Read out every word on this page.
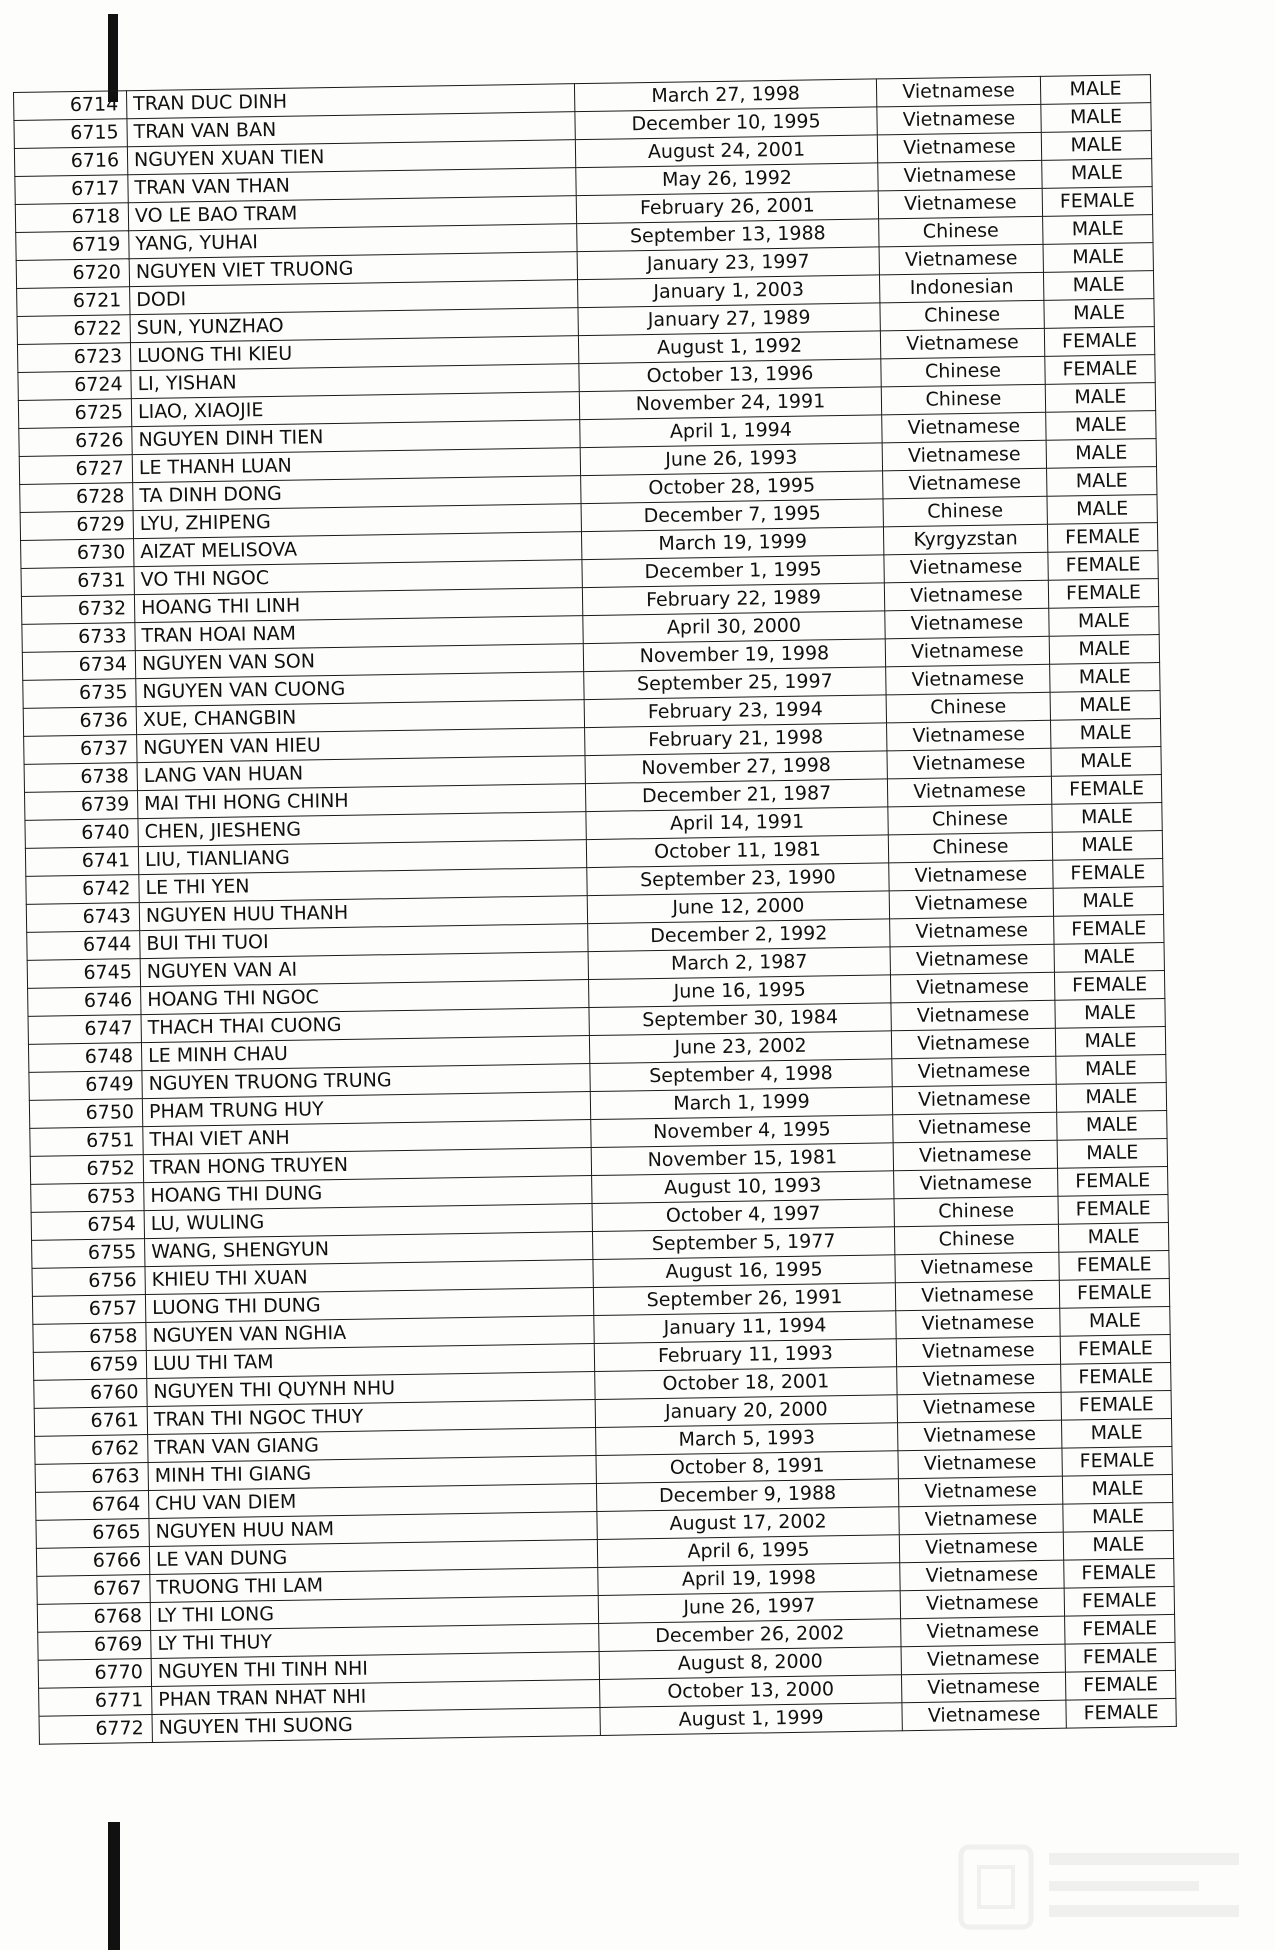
6714	TRAN DUC DINH	March 27, 1998	Vietnamese	MALE
6715	TRAN VAN BAN	December 10, 1995	Vietnamese	MALE
6716	NGUYEN XUAN TIEN	August 24, 2001	Vietnamese	MALE
6717	TRAN VAN THAN	May 26, 1992	Vietnamese	MALE
6718	VO LE BAO TRAM	February 26, 2001	Vietnamese	FEMALE
6719	YANG, YUHAI	September 13, 1988	Chinese	MALE
6720	NGUYEN VIET TRUONG	January 23, 1997	Vietnamese	MALE
6721	DODI	January 1, 2003	Indonesian	MALE
6722	SUN, YUNZHAO	January 27, 1989	Chinese	MALE
6723	LUONG THI KIEU	August 1, 1992	Vietnamese	FEMALE
6724	LI, YISHAN	October 13, 1996	Chinese	FEMALE
6725	LIAO, XIAOJIE	November 24, 1991	Chinese	MALE
6726	NGUYEN DINH TIEN	April 1, 1994	Vietnamese	MALE
6727	LE THANH LUAN	June 26, 1993	Vietnamese	MALE
6728	TA DINH DONG	October 28, 1995	Vietnamese	MALE
6729	LYU, ZHIPENG	December 7, 1995	Chinese	MALE
6730	AIZAT MELISOVA	March 19, 1999	Kyrgyzstan	FEMALE
6731	VO THI NGOC	December 1, 1995	Vietnamese	FEMALE
6732	HOANG THI LINH	February 22, 1989	Vietnamese	FEMALE
6733	TRAN HOAI NAM	April 30, 2000	Vietnamese	MALE
6734	NGUYEN VAN SON	November 19, 1998	Vietnamese	MALE
6735	NGUYEN VAN CUONG	September 25, 1997	Vietnamese	MALE
6736	XUE, CHANGBIN	February 23, 1994	Chinese	MALE
6737	NGUYEN VAN HIEU	February 21, 1998	Vietnamese	MALE
6738	LANG VAN HUAN	November 27, 1998	Vietnamese	MALE
6739	MAI THI HONG CHINH	December 21, 1987	Vietnamese	FEMALE
6740	CHEN, JIESHENG	April 14, 1991	Chinese	MALE
6741	LIU, TIANLIANG	October 11, 1981	Chinese	MALE
6742	LE THI YEN	September 23, 1990	Vietnamese	FEMALE
6743	NGUYEN HUU THANH	June 12, 2000	Vietnamese	MALE
6744	BUI THI TUOI	December 2, 1992	Vietnamese	FEMALE
6745	NGUYEN VAN AI	March 2, 1987	Vietnamese	MALE
6746	HOANG THI NGOC	June 16, 1995	Vietnamese	FEMALE
6747	THACH THAI CUONG	September 30, 1984	Vietnamese	MALE
6748	LE MINH CHAU	June 23, 2002	Vietnamese	MALE
6749	NGUYEN TRUONG TRUNG	September 4, 1998	Vietnamese	MALE
6750	PHAM TRUNG HUY	March 1, 1999	Vietnamese	MALE
6751	THAI VIET ANH	November 4, 1995	Vietnamese	MALE
6752	TRAN HONG TRUYEN	November 15, 1981	Vietnamese	MALE
6753	HOANG THI DUNG	August 10, 1993	Vietnamese	FEMALE
6754	LU, WULING	October 4, 1997	Chinese	FEMALE
6755	WANG, SHENGYUN	September 5, 1977	Chinese	MALE
6756	KHIEU THI XUAN	August 16, 1995	Vietnamese	FEMALE
6757	LUONG THI DUNG	September 26, 1991	Vietnamese	FEMALE
6758	NGUYEN VAN NGHIA	January 11, 1994	Vietnamese	MALE
6759	LUU THI TAM	February 11, 1993	Vietnamese	FEMALE
6760	NGUYEN THI QUYNH NHU	October 18, 2001	Vietnamese	FEMALE
6761	TRAN THI NGOC THUY	January 20, 2000	Vietnamese	FEMALE
6762	TRAN VAN GIANG	March 5, 1993	Vietnamese	MALE
6763	MINH THI GIANG	October 8, 1991	Vietnamese	FEMALE
6764	CHU VAN DIEM	December 9, 1988	Vietnamese	MALE
6765	NGUYEN HUU NAM	August 17, 2002	Vietnamese	MALE
6766	LE VAN DUNG	April 6, 1995	Vietnamese	MALE
6767	TRUONG THI LAM	April 19, 1998	Vietnamese	FEMALE
6768	LY THI LONG	June 26, 1997	Vietnamese	FEMALE
6769	LY THI THUY	December 26, 2002	Vietnamese	FEMALE
6770	NGUYEN THI TINH NHI	August 8, 2000	Vietnamese	FEMALE
6771	PHAN TRAN NHAT NHI	October 13, 2000	Vietnamese	FEMALE
6772	NGUYEN THI SUONG	August 1, 1999	Vietnamese	FEMALE
